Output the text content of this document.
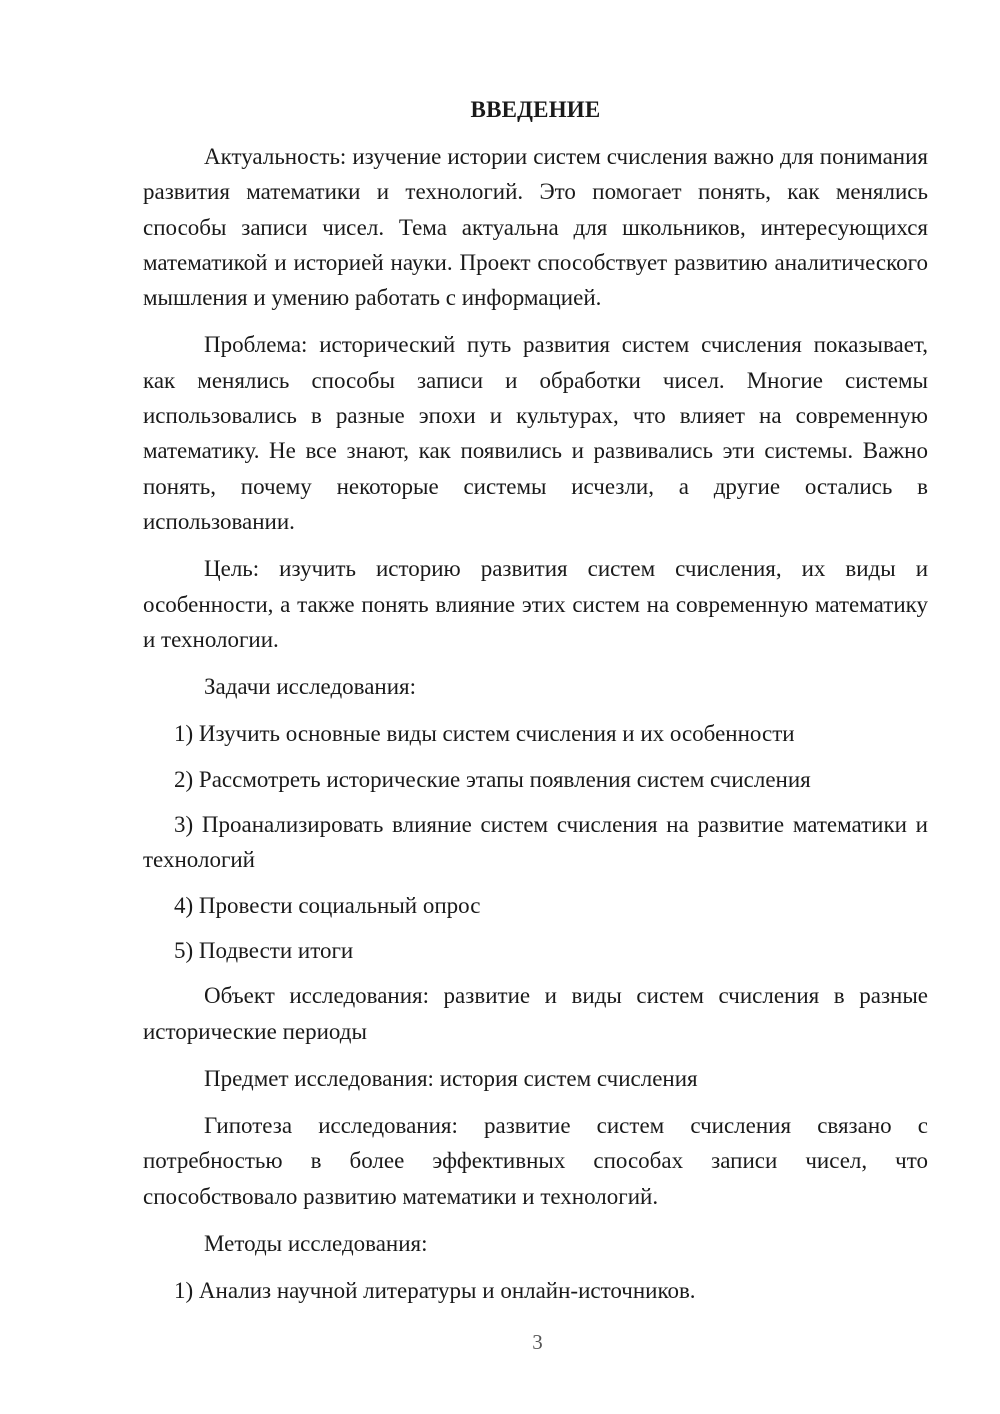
ВВЕДЕНИЕ

Актуальность: изучение истории систем счисления важно для понимания развития математики и технологий. Это помогает понять, как менялись способы записи чисел. Тема актуальна для школьников, интересующихся математикой и историей науки. Проект способствует развитию аналитического мышления и умению работать с информацией.

Проблема: исторический путь развития систем счисления показывает, как менялись способы записи и обработки чисел. Многие системы использовались в разные эпохи и культурах, что влияет на современную математику. Не все знают, как появились и развивались эти системы. Важно понять, почему некоторые системы исчезли, а другие остались в использовании.

Цель: изучить историю развития систем счисления, их виды и особенности, а также понять влияние этих систем на современную математику и технологии.

Задачи исследования:

1) Изучить основные виды систем счисления и их особенности

2) Рассмотреть исторические этапы появления систем счисления

3) Проанализировать влияние систем счисления на развитие математики и технологий

4) Провести социальный опрос

5) Подвести итоги

Объект исследования: развитие и виды систем счисления в разные исторические периоды

Предмет исследования: история систем счисления

Гипотеза исследования: развитие систем счисления связано с потребностью в более эффективных способах записи чисел, что способствовало развитию математики и технологий.

Методы исследования:

1) Анализ научной литературы и онлайн-источников.

3
